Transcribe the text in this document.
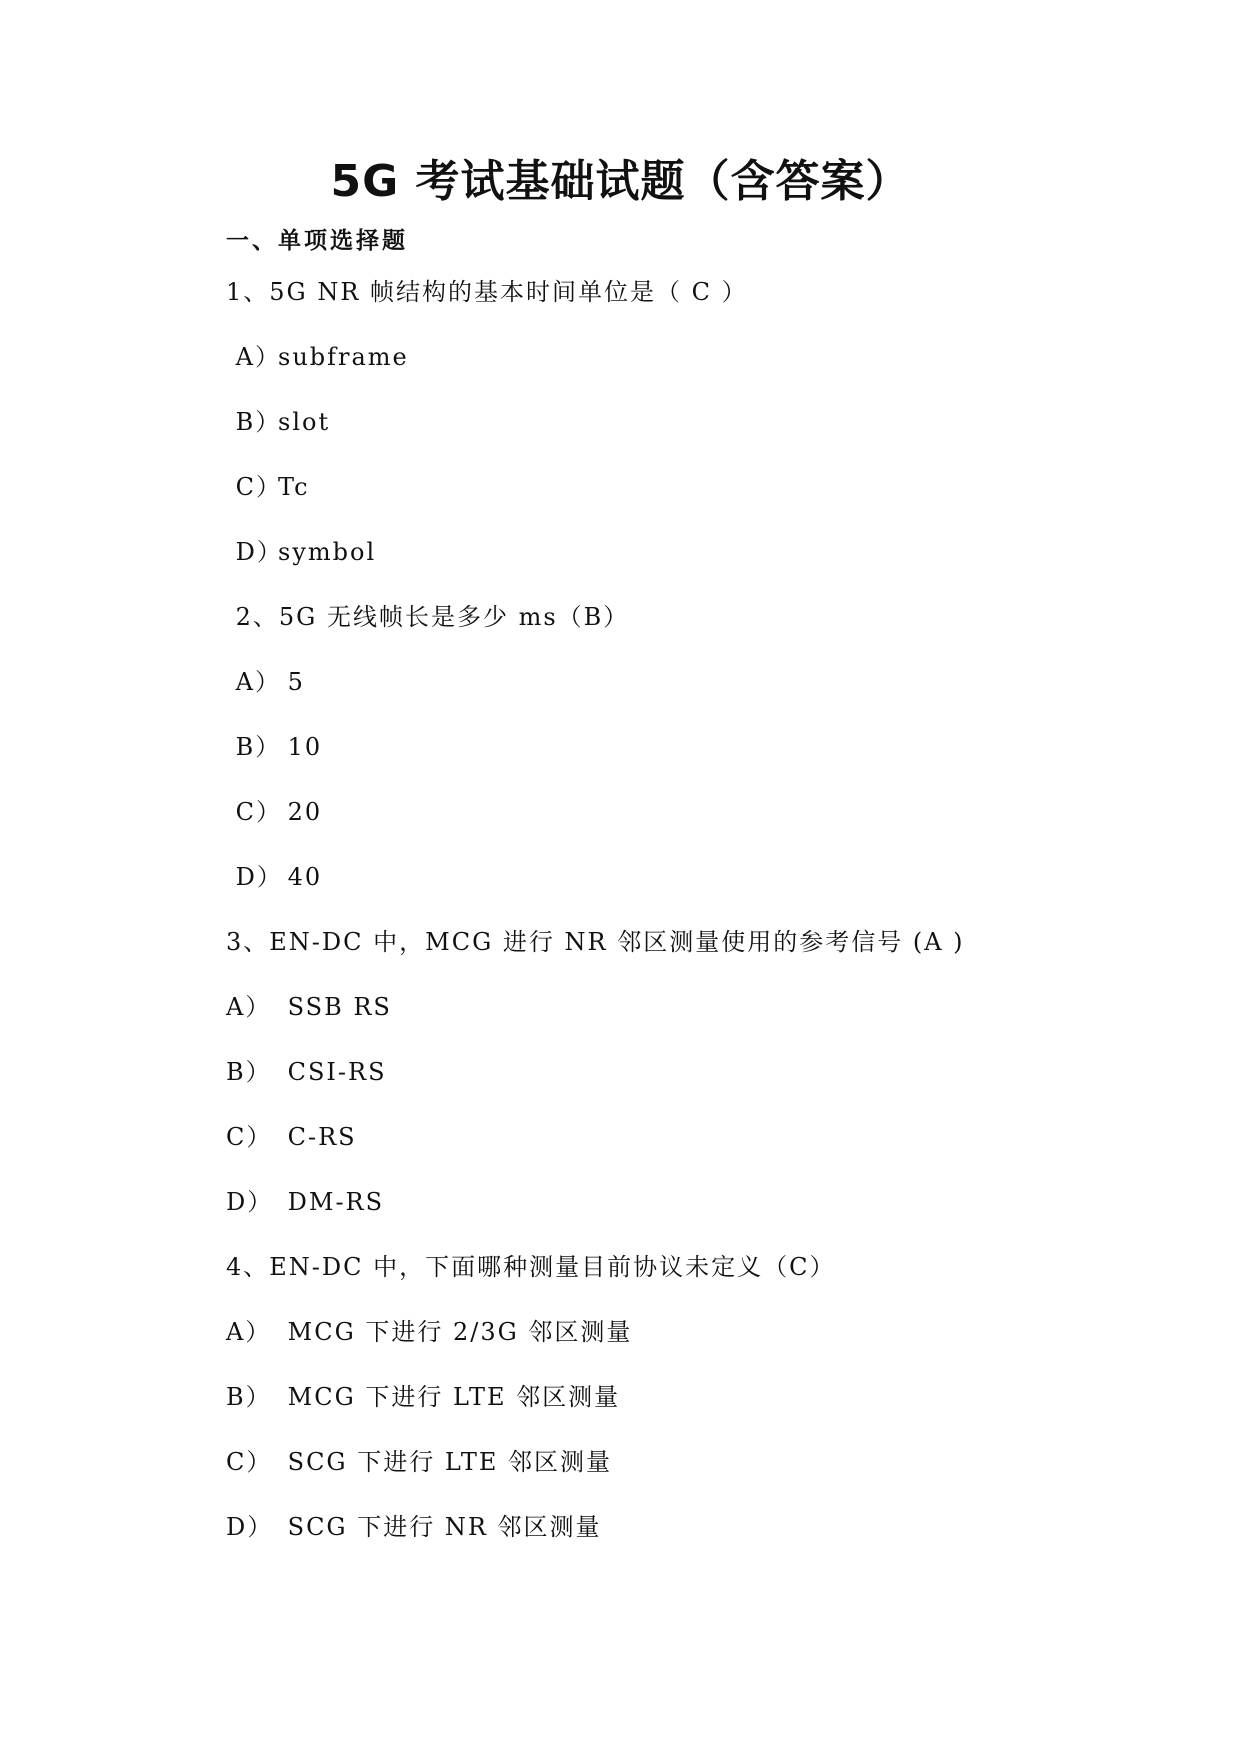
5G 考试基础试题（含答案）
一、单项选择题

1、5G NR 帧结构的基本时间单位是（ C ）

A）subframe

B）slot

C）Tc

D）symbol

2、5G 无线帧长是多少 ms（B）

A） 5

B） 10

C） 20

D） 40

3、EN-DC 中，MCG 进行 NR 邻区测量使用的参考信号 (A )

A） SSB RS

B） CSI-RS

C） C-RS

D） DM-RS

4、EN-DC 中，下面哪种测量目前协议未定义（C）

A） MCG 下进行 2/3G 邻区测量

B） MCG 下进行 LTE 邻区测量

C） SCG 下进行 LTE 邻区测量

D） SCG 下进行 NR 邻区测量
